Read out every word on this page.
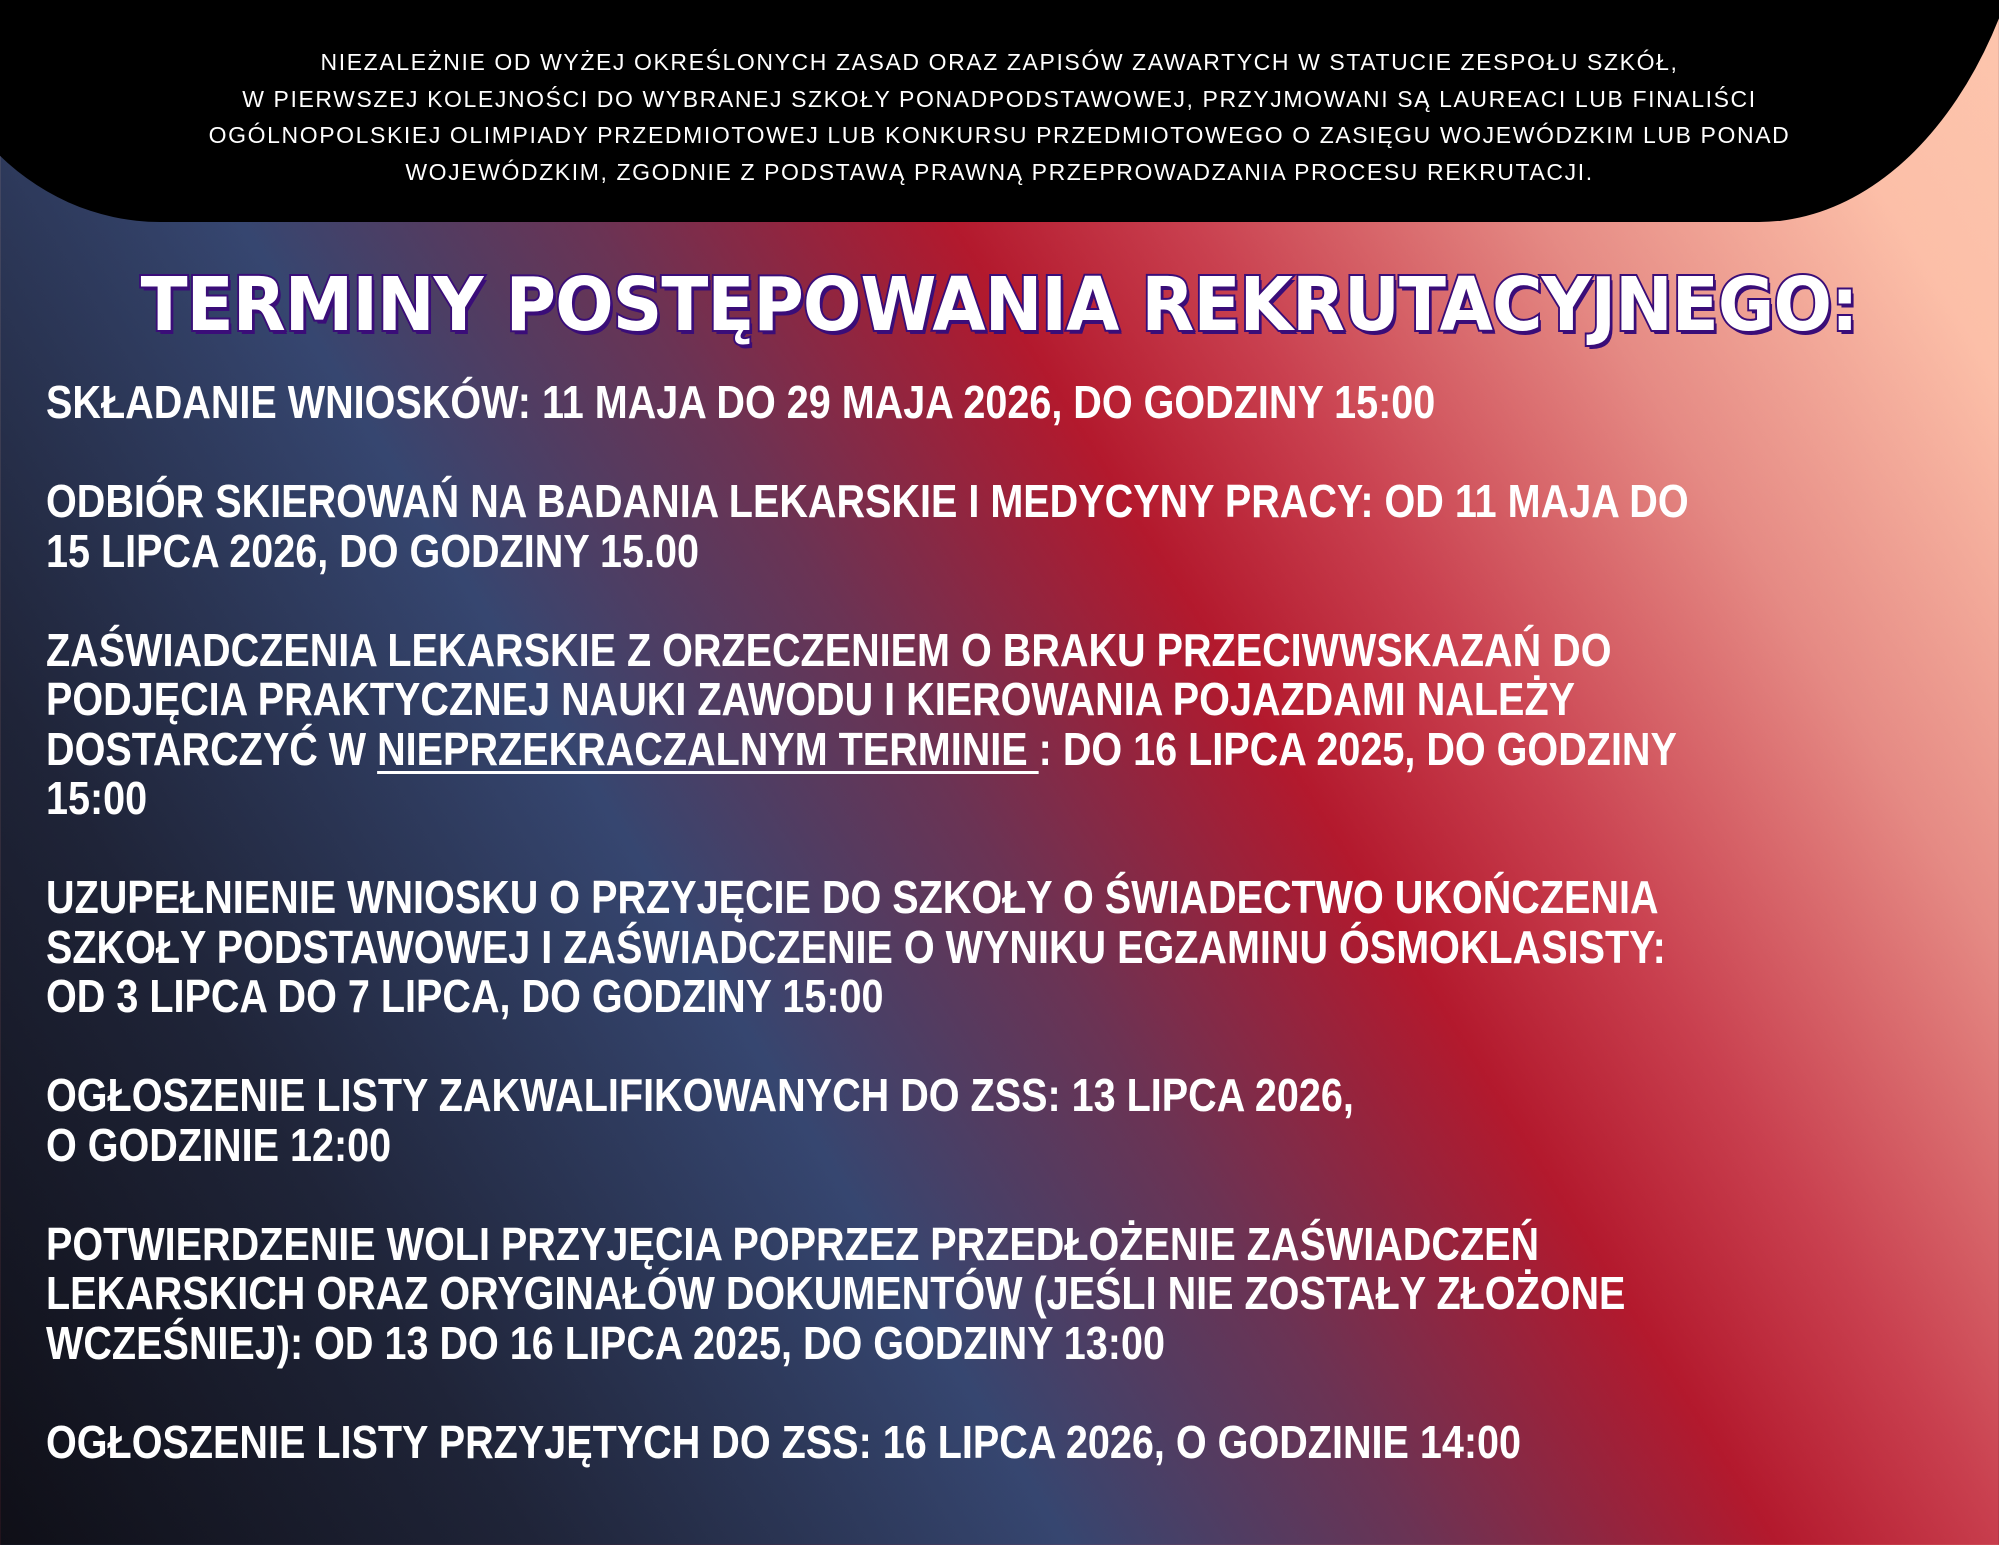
NIEZALEŻNIE OD WYŻEJ OKREŚLONYCH ZASAD ORAZ ZAPISÓW ZAWARTYCH W STATUCIE ZESPOŁU SZKÓŁ,
W PIERWSZEJ KOLEJNOŚCI DO WYBRANEJ SZKOŁY PONADPODSTAWOWEJ, PRZYJMOWANI SĄ LAUREACI LUB FINALIŚCI
OGÓLNOPOLSKIEJ OLIMPIADY PRZEDMIOTOWEJ LUB KONKURSU PRZEDMIOTOWEGO O ZASIĘGU WOJEWÓDZKIM LUB PONAD
WOJEWÓDZKIM, ZGODNIE Z PODSTAWĄ PRAWNĄ PRZEPROWADZANIA PROCESU REKRUTACJI.
TERMINY POSTĘPOWANIA REKRUTACYJNEGO:
SKŁADANIE WNIOSKÓW: 11 MAJA DO 29 MAJA 2026, DO GODZINY 15:00
ODBIÓR SKIEROWAŃ NA BADANIA LEKARSKIE I MEDYCYNY PRACY: OD 11 MAJA DO
15 LIPCA 2026, DO GODZINY 15.00
ZAŚWIADCZENIA LEKARSKIE Z ORZECZENIEM O BRAKU PRZECIWWSKAZAŃ DO
PODJĘCIA PRAKTYCZNEJ NAUKI ZAWODU I KIEROWANIA POJAZDAMI NALEŻY
DOSTARCZYĆ W NIEPRZEKRACZALNYM TERMINIE : DO 16 LIPCA 2025, DO GODZINY
15:00
UZUPEŁNIENIE WNIOSKU O PRZYJĘCIE DO SZKOŁY O ŚWIADECTWO UKOŃCZENIA
SZKOŁY PODSTAWOWEJ I ZAŚWIADCZENIE O WYNIKU EGZAMINU ÓSMOKLASISTY:
OD 3 LIPCA DO 7 LIPCA, DO GODZINY 15:00
OGŁOSZENIE LISTY ZAKWALIFIKOWANYCH DO ZSS: 13 LIPCA 2026,
O GODZINIE 12:00
POTWIERDZENIE WOLI PRZYJĘCIA POPRZEZ PRZEDŁOŻENIE ZAŚWIADCZEŃ
LEKARSKICH ORAZ ORYGINAŁÓW DOKUMENTÓW (JEŚLI NIE ZOSTAŁY ZŁOŻONE
WCZEŚNIEJ): OD 13 DO 16 LIPCA 2025, DO GODZINY 13:00
OGŁOSZENIE LISTY PRZYJĘTYCH DO ZSS: 16 LIPCA 2026, O GODZINIE 14:00
